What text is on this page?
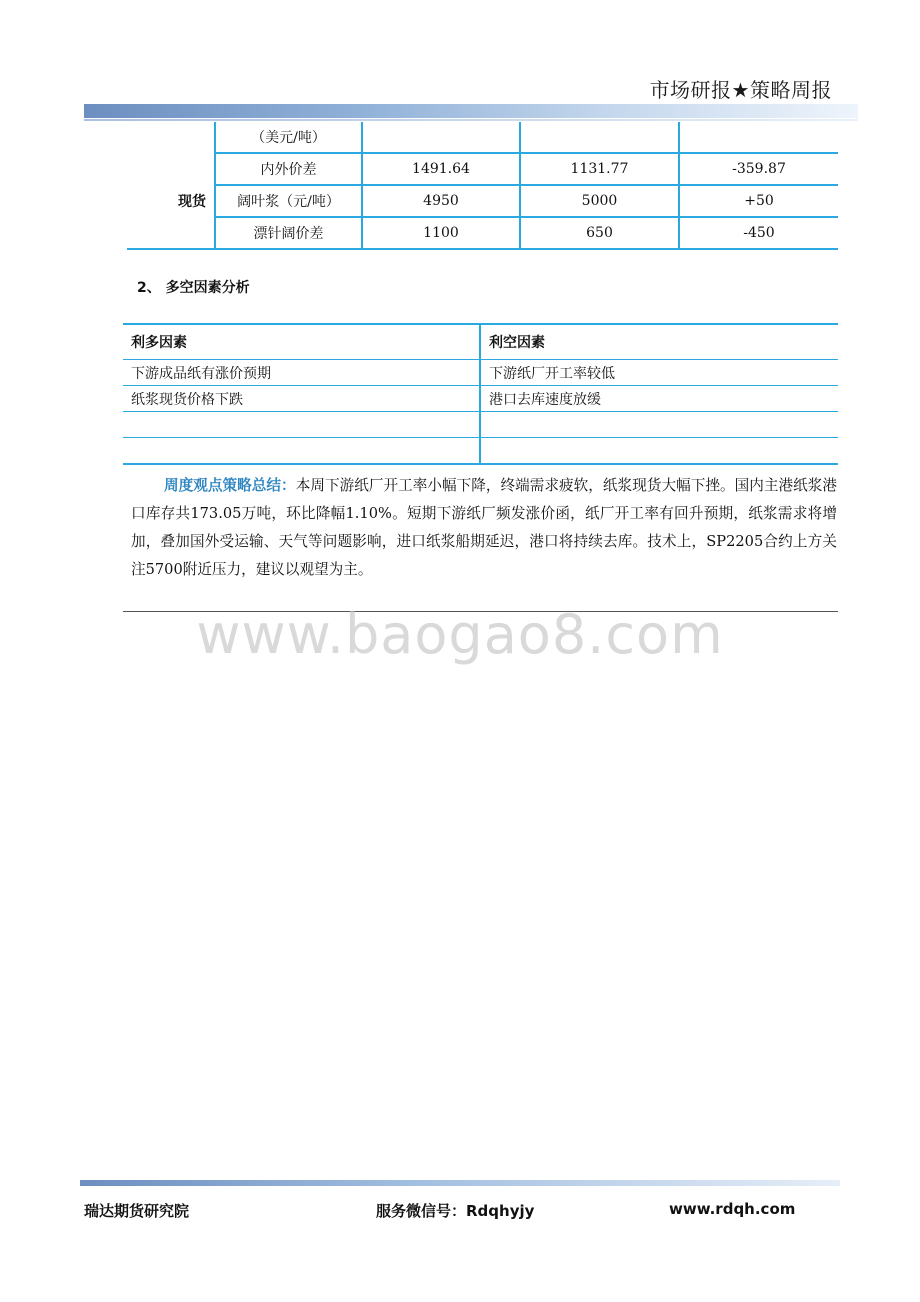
市场研报★策略周报
	（美元/吨）			
	内外价差	1491.64	1131.77	-359.87
现货	阔叶浆（元/吨）	4950	5000	+50
	漂针阔价差	1100	650	-450
2、 多空因素分析
利多因素	利空因素
下游成品纸有涨价预期	下游纸厂开工率较低
纸浆现货价格下跌	港口去库速度放缓

周度观点策略总结：本周下游纸厂开工率小幅下降，终端需求疲软，纸浆现货大幅下挫。国内主港纸浆港口库存共173.05万吨，环比降幅1.10%。短期下游纸厂频发涨价函，纸厂开工率有回升预期，纸浆需求将增加，叠加国外受运输、天气等问题影响，进口纸浆船期延迟，港口将持续去库。技术上，SP2205合约上方关注5700附近压力，建议以观望为主。
www.baogao8.com
瑞达期货研究院	服务微信号：Rdqhyjy	www.rdqh.com
